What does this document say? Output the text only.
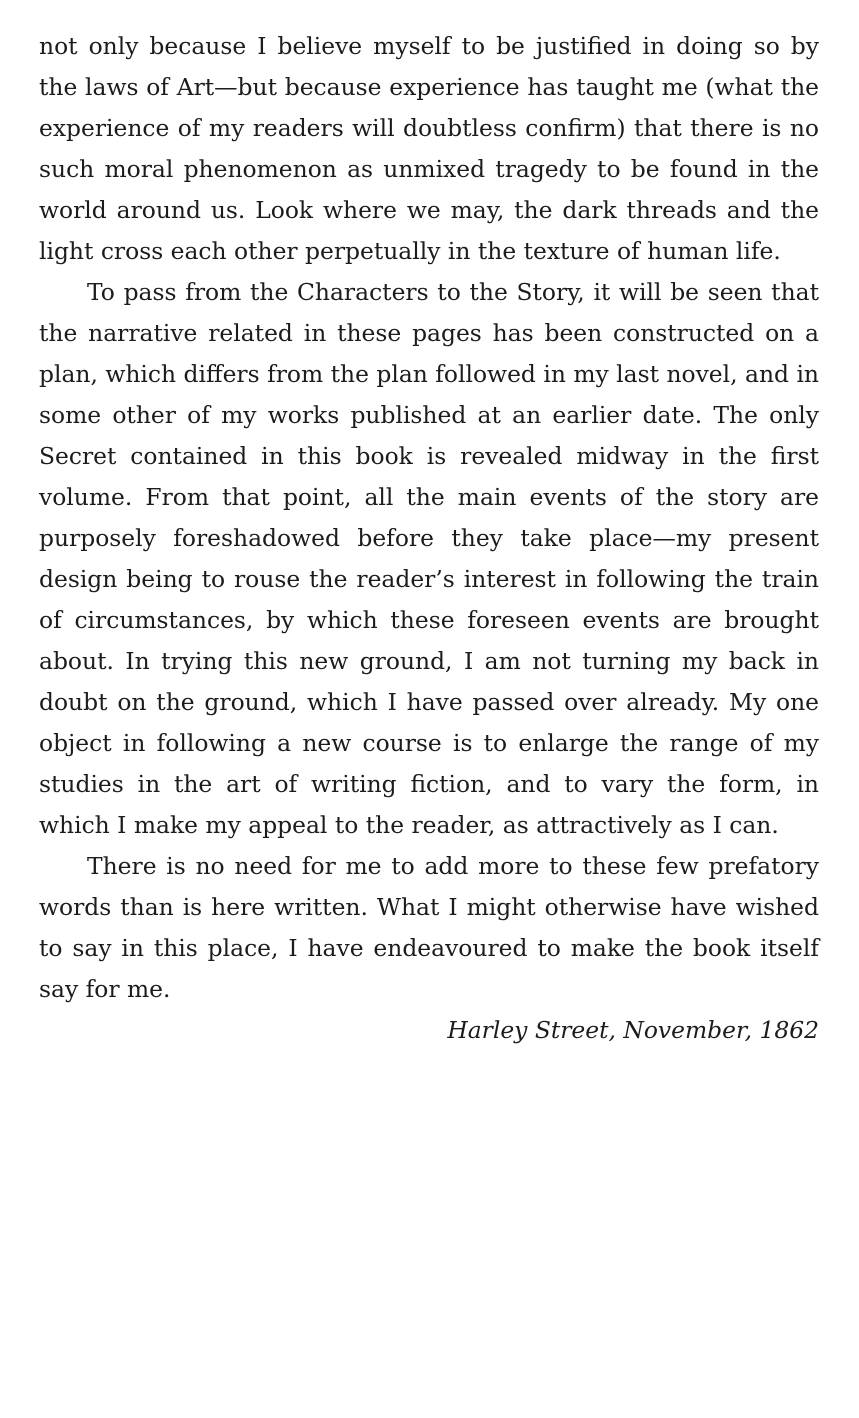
not only because I believe myself to be justified in doing so by the laws of Art—but because experience has taught me (what the experience of my readers will doubtless confirm) that there is no such moral phenomenon as unmixed tragedy to be found in the world around us. Look where we may, the dark threads and the light cross each other perpetually in the texture of human life.

To pass from the Characters to the Story, it will be seen that the narrative related in these pages has been constructed on a plan, which differs from the plan followed in my last novel, and in some other of my works published at an earlier date. The only Secret contained in this book is revealed midway in the first volume. From that point, all the main events of the story are purposely foreshadowed before they take place—my present design being to rouse the reader’s interest in following the train of circumstances, by which these foreseen events are brought about. In trying this new ground, I am not turning my back in doubt on the ground, which I have passed over already. My one object in following a new course is to enlarge the range of my studies in the art of writing fiction, and to vary the form, in which I make my appeal to the reader, as attractively as I can.

There is no need for me to add more to these few prefatory words than is here written. What I might otherwise have wished to say in this place, I have endeavoured to make the book itself say for me.

Harley Street, November, 1862
